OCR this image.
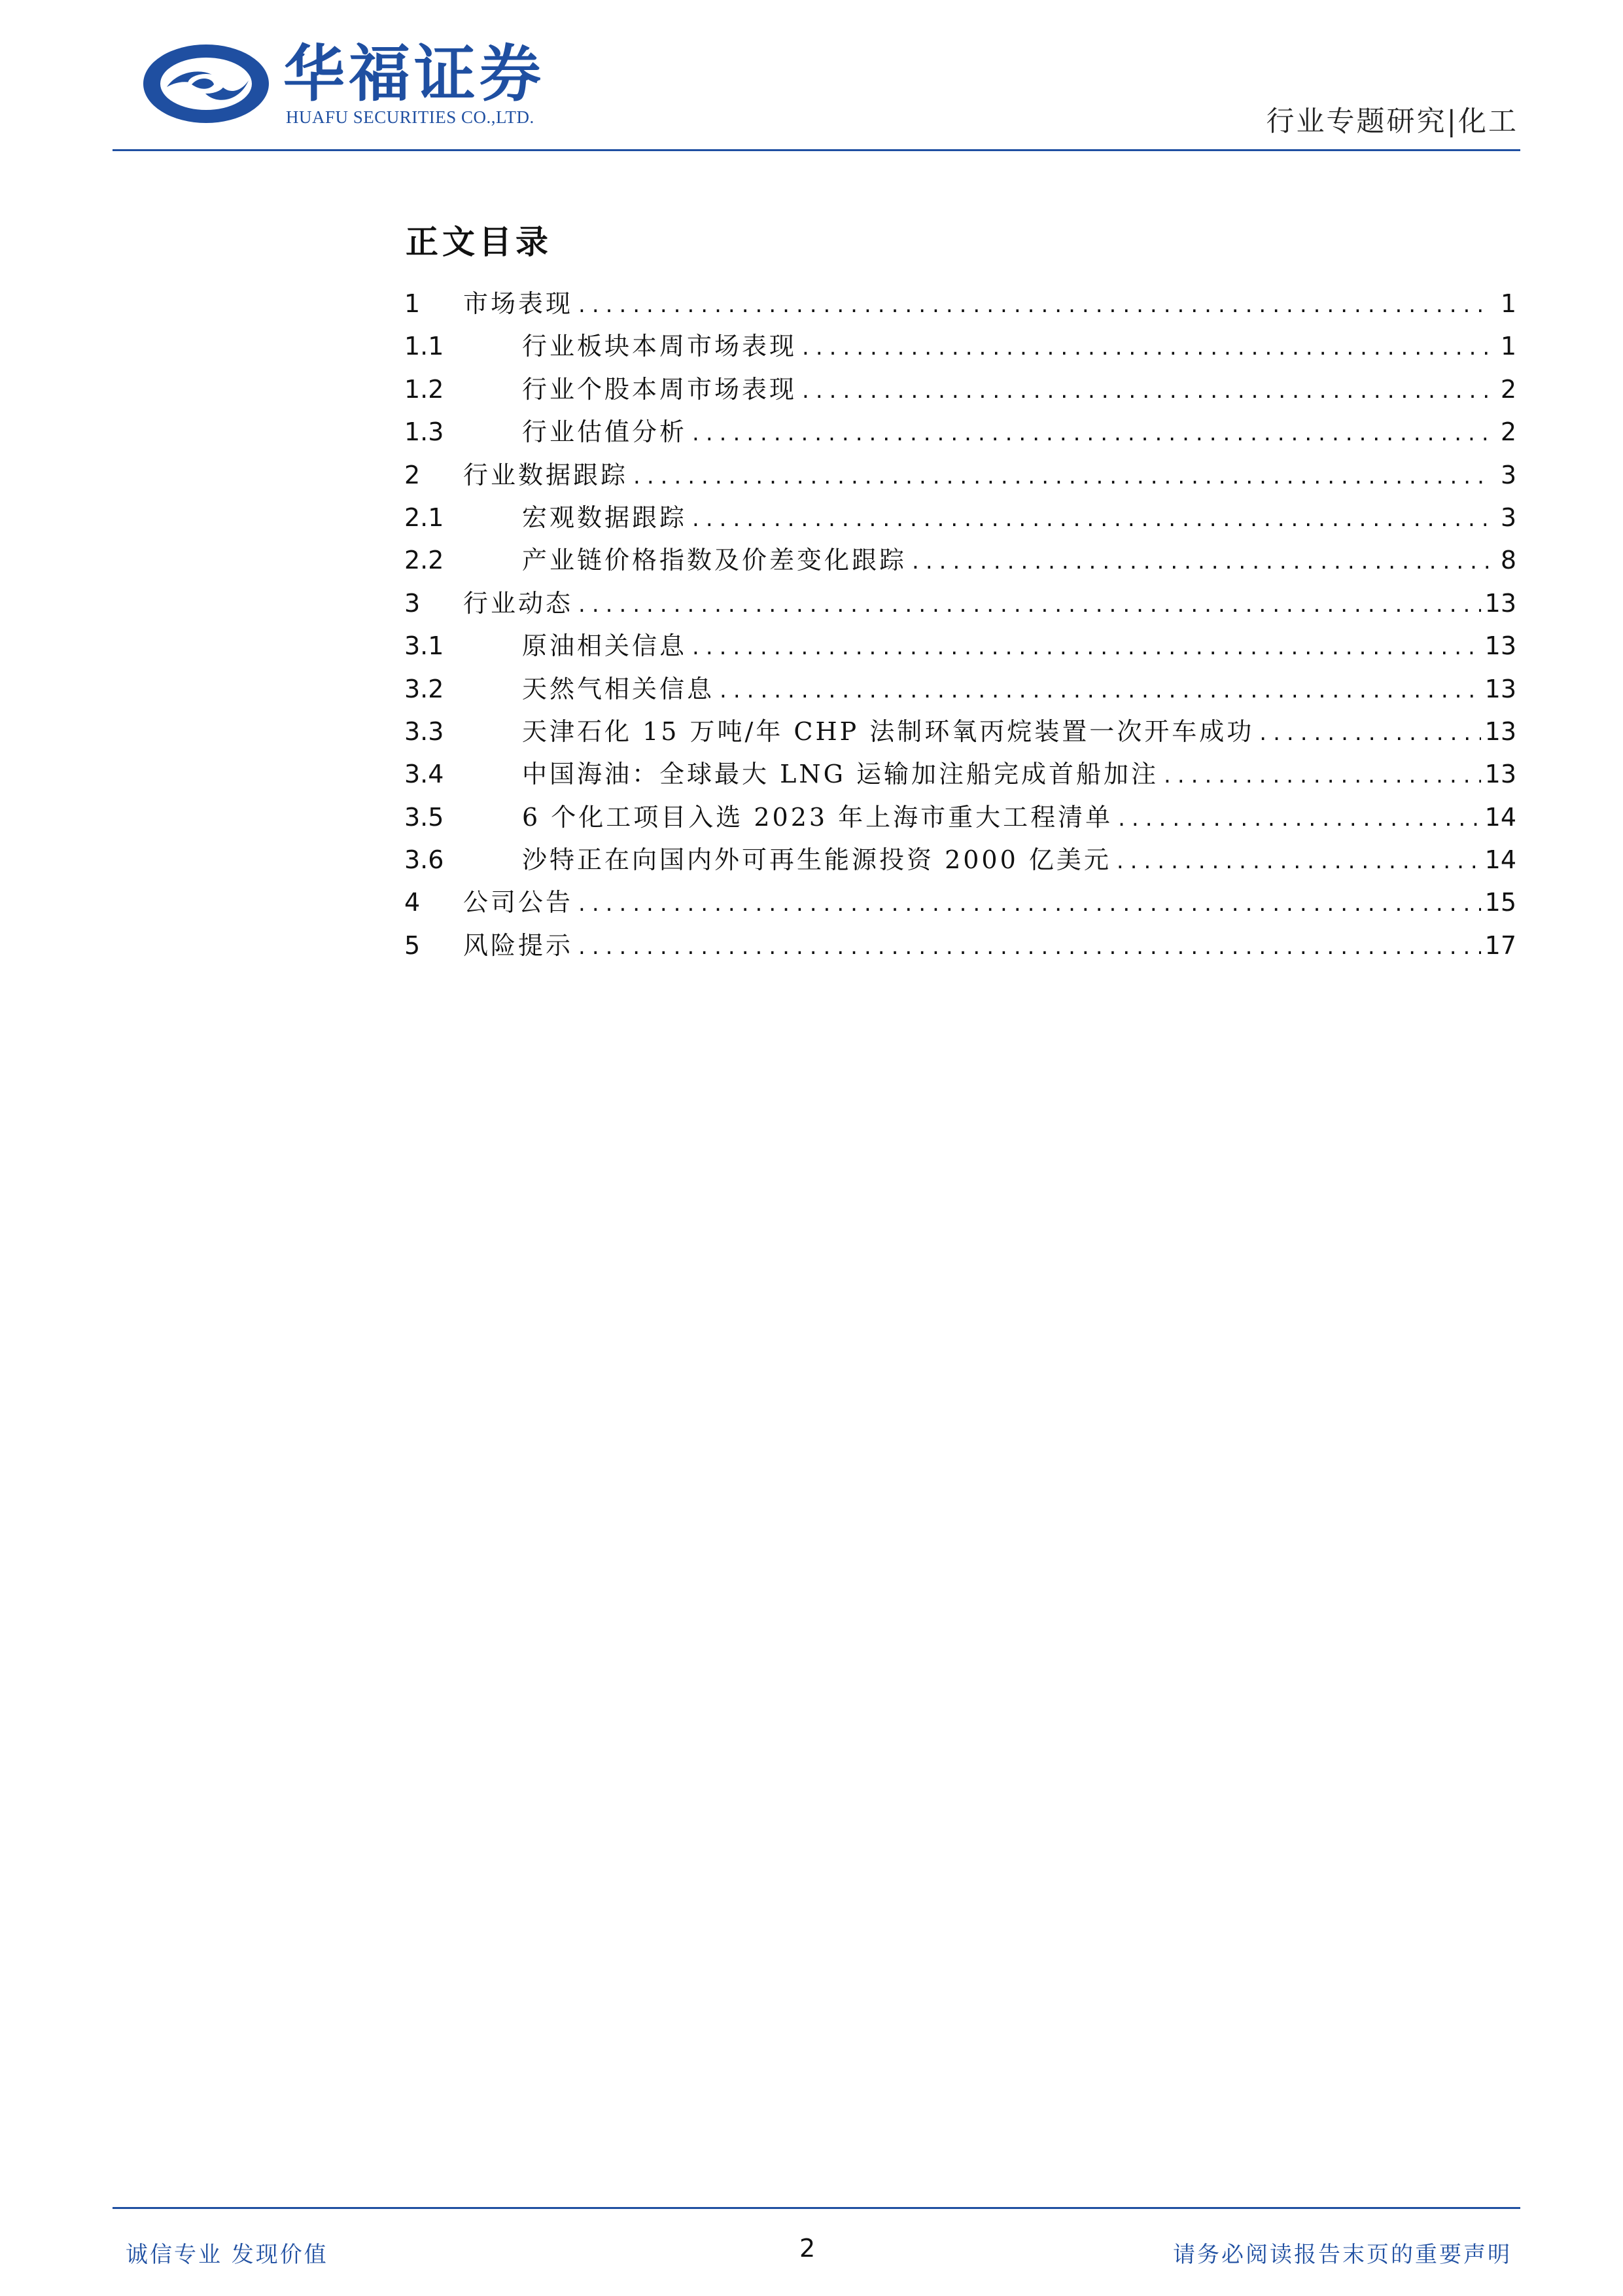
华福证券
HUAFU SECURITIES CO.,LTD.	行业专题研究|化工
正文目录
1	市场表现 .....	1
1.1	行业板块本周市场表现 .....	1
1.2	行业个股本周市场表现 .....	2
1.3	行业估值分析 .....	2
2	行业数据跟踪 .....	3
2.1	宏观数据跟踪 .....	3
2.2	产业链价格指数及价差变化跟踪 .....	8
3	行业动态 .....	13
3.1	原油相关信息 .....	13
3.2	天然气相关信息 .....	13
3.3	天津石化 15 万吨/年 CHP 法制环氧丙烷装置一次开车成功 .....	13
3.4	中国海油：全球最大 LNG 运输加注船完成首船加注 .....	13
3.5	6 个化工项目入选 2023 年上海市重大工程清单 .....	14
3.6	沙特正在向国内外可再生能源投资 2000 亿美元 .....	14
4	公司公告 .....	15
5	风险提示 .....	17
诚信专业 发现价值	2	请务必阅读报告末页的重要声明
